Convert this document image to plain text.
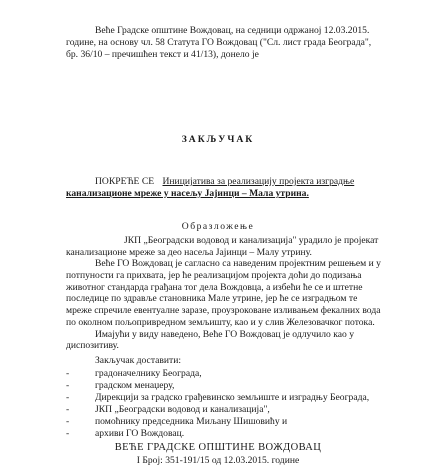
Веће Градске општине Вождовац, на седници одржаној 12.03.2015.
године, на основу чл. 58 Статута ГО Вождовац ("Сл. лист града Београда",
бр. 36/10 – пречишћен текст и 41/13), донело је
ЗАКЉУЧАК
ПОКРЕЋЕ СЕ Иницијатива за реализацију пројекта изградње
канализационе мреже у насељу Јајинци – Мала утрина.
Образложење
ЈКП „Београдски водовод и канализација" урадило је пројекат
канализационе мреже за део насеља Јајинци – Малу утрину.
Веће ГО Вождовац је сагласно са наведеним пројектним решењем и у
потпуности га прихвата, јер ће реализацијом пројекта доћи до подизања
животног стандарда грађана тог дела Вождовца, а избећи ће се и штетне
последице по здравље становника Мале утрине, јер ће се изградњом те
мреже спречиле евентуалне заразе, проузроковане изливањем фекалних вода
по околном пољопривредном земљишту, као и у слив Железовачког потока.
Имајући у виду наведено, Веће ГО Вождовац је одлучило као у
диспозитиву.
Закључак доставити:
-	градоначелнику Београда,
-	градском менаџеру,
-	Дирекцији за градско грађевинско земљиште и изградњу Београда,
-	ЈКП „Београдски водовод и канализација",
-	помоћнику председника Миљану Шишовићу и
-	архиви ГО Вождовац.
ВЕЋЕ ГРАДСКЕ ОПШТИНЕ ВОЖДОВАЦ
I Број: 351-191/15 од 12.03.2015. године
